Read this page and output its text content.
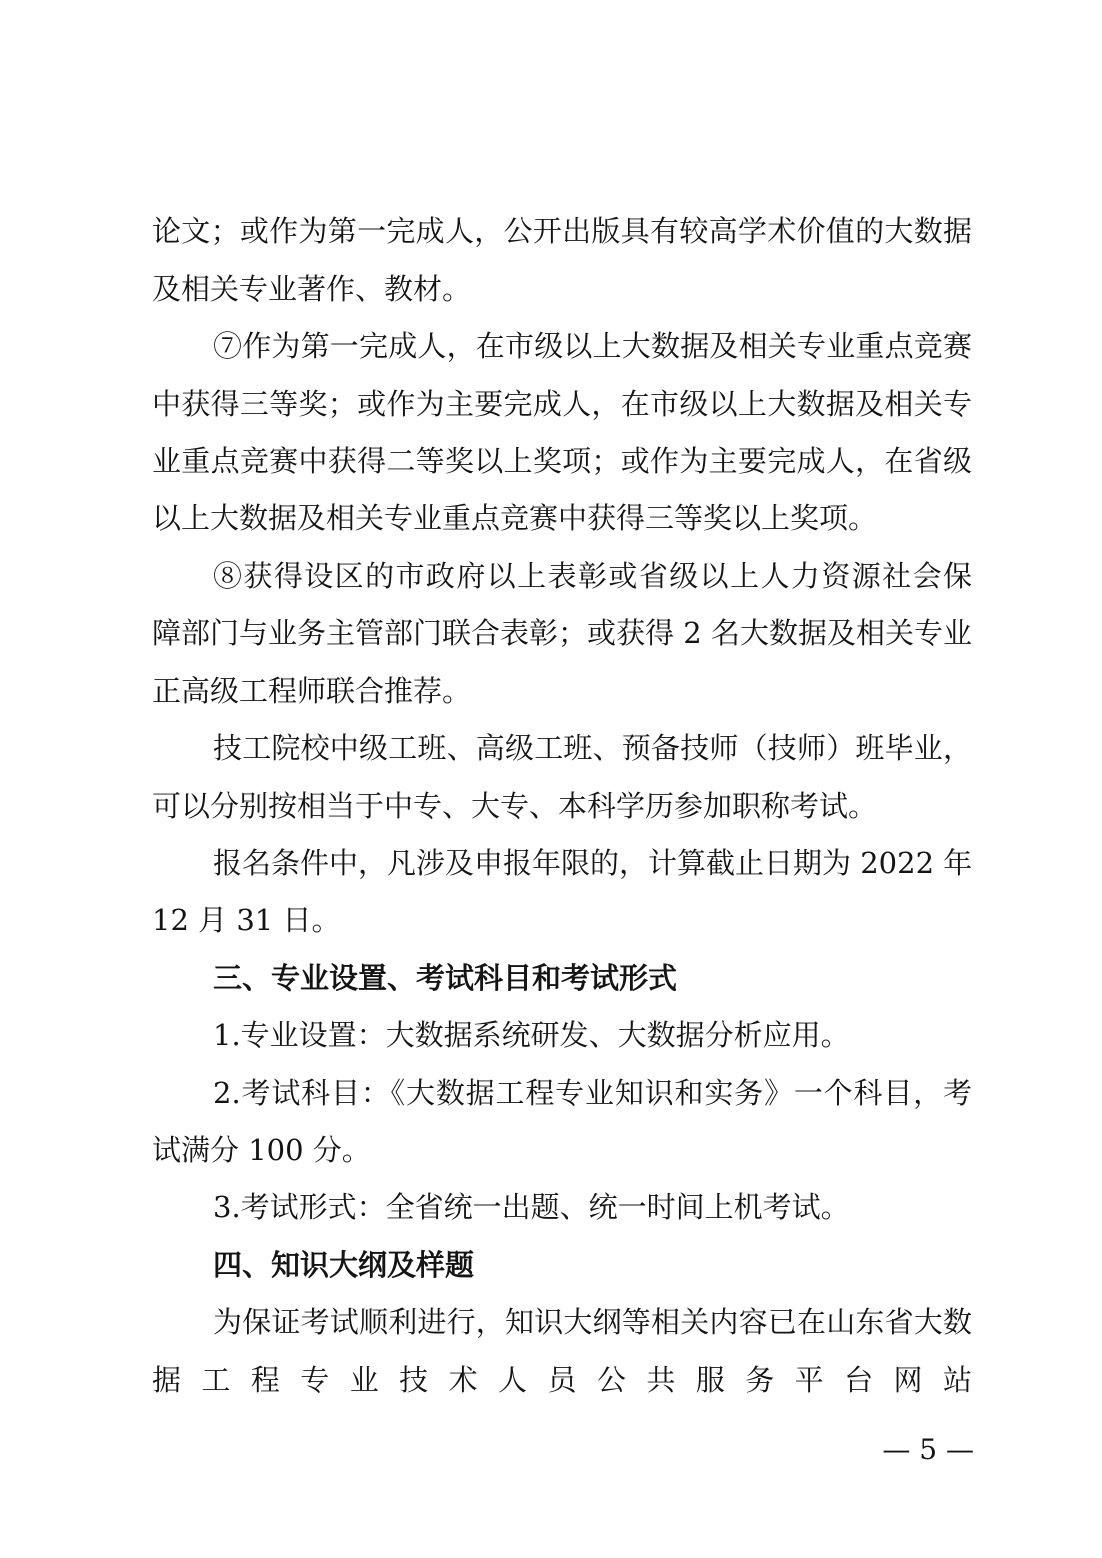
论文；或作为第一完成人，公开出版具有较高学术价值的大数据
及相关专业著作、教材。
⑦作为第一完成人，在市级以上大数据及相关专业重点竞赛
中获得三等奖；或作为主要完成人，在市级以上大数据及相关专
业重点竞赛中获得二等奖以上奖项；或作为主要完成人，在省级
以上大数据及相关专业重点竞赛中获得三等奖以上奖项。
⑧获得设区的市政府以上表彰或省级以上人力资源社会保
障部门与业务主管部门联合表彰；或获得 2 名大数据及相关专业
正高级工程师联合推荐。
技工院校中级工班、高级工班、预备技师（技师）班毕业，
可以分别按相当于中专、大专、本科学历参加职称考试。
报名条件中，凡涉及申报年限的，计算截止日期为 2022 年
12 月 31 日。
三、专业设置、考试科目和考试形式
1.专业设置：大数据系统研发、大数据分析应用。
2.考试科目：《大数据工程专业知识和实务》一个科目，考
试满分 100 分。
3.考试形式：全省统一出题、统一时间上机考试。
四、知识大纲及样题
为保证考试顺利进行，知识大纲等相关内容已在山东省大数
据 工 程 专 业 技 术 人 员 公 共 服 务 平 台 网 站
— 5 —
